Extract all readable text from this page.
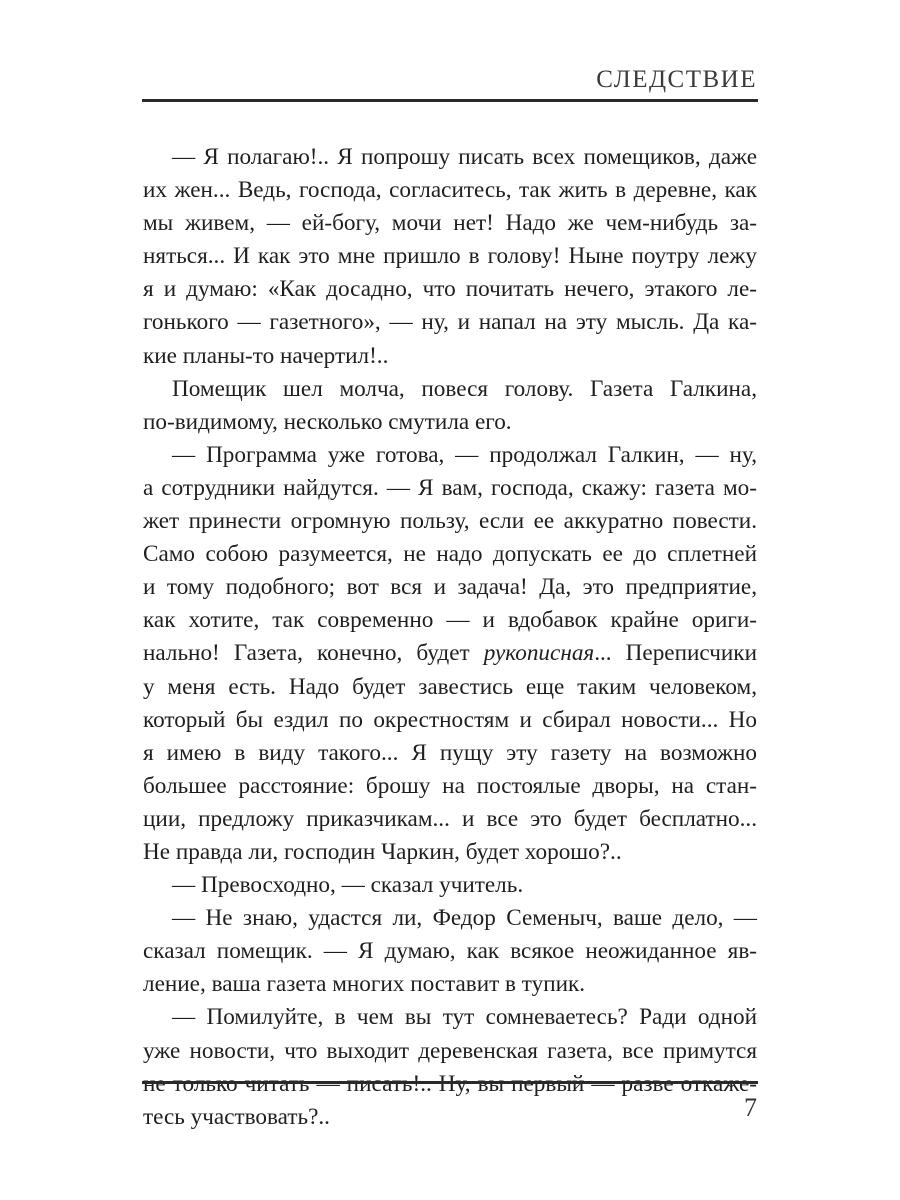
СЛЕДСТВИЕ
— Я полагаю!.. Я попрошу писать всех помещиков, даже
их жен... Ведь, господа, согласитесь, так жить в деревне, как
мы живем, — ей-богу, мочи нет! Надо же чем-нибудь за-
няться... И как это мне пришло в голову! Ныне поутру лежу
я и думаю: «Как досадно, что почитать нечего, этакого ле-
гонького — газетного», — ну, и напал на эту мысль. Да ка-
кие планы-то начертил!..
Помещик шел молча, повеся голову. Газета Галкина,
по-видимому, несколько смутила его.
— Программа уже готова, — продолжал Галкин, — ну,
а сотрудники найдутся. — Я вам, господа, скажу: газета мо-
жет принести огромную пользу, если ее аккуратно повести.
Само собою разумеется, не надо допускать ее до сплетней
и тому подобного; вот вся и задача! Да, это предприятие,
как хотите, так современно — и вдобавок крайне ориги-
нально! Газета, конечно, будет рукописная... Переписчики
у меня есть. Надо будет завестись еще таким человеком,
который бы ездил по окрестностям и сбирал новости... Но
я имею в виду такого... Я пущу эту газету на возможно
большее расстояние: брошу на постоялые дворы, на стан-
ции, предложу приказчикам... и все это будет бесплатно...
Не правда ли, господин Чаркин, будет хорошо?..
— Превосходно, — сказал учитель.
— Не знаю, удастся ли, Федор Семеныч, ваше дело, —
сказал помещик. — Я думаю, как всякое неожиданное яв-
ление, ваша газета многих поставит в тупик.
— Помилуйте, в чем вы тут сомневаетесь? Ради одной
уже новости, что выходит деревенская газета, все примутся
тесь участвовать?..	7
